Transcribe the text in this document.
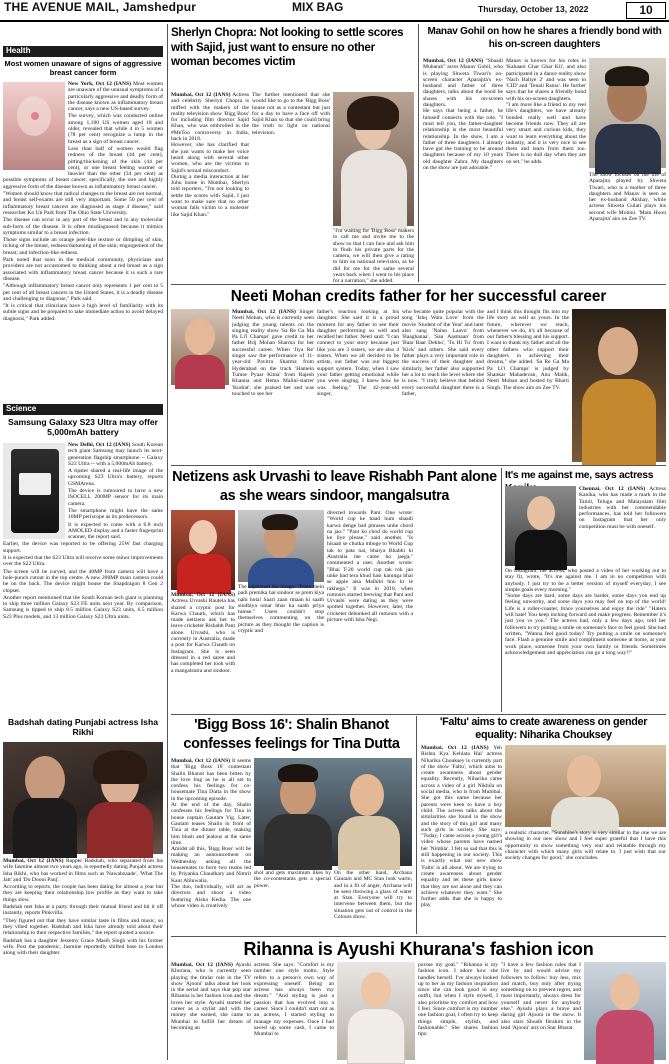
THE AVENUE MAIL, Jamshedpur	MIX BAG	Thursday, October 13, 2022	10
Health
Most women unaware of signs of aggressive breast cancer form

New York, Oct 12 (IANS) Most women are unaware of the unusual symptoms of a particularly aggressive and deadly form of the disease known as inflammatory breast cancer, says a new US-based survey.

The survey, which was conducted online among 1,100 US women aged 18 and older, revealed that while 4 in 5 women (78 per cent) recognize a lump in the breast as a sign of breast cancer.

Less than half of women would flag redness of the breast (44 per cent), pitting/thickening of the skin (44 per cent), or one breast feeling warmer or heavier than the other (34 per cent) as possible symptoms of breast cancer, specifically, the rare and highly aggressive form of the disease known as inflammatory breast cancer.

"Women should know that radical changes to the breast are not normal, and breast self-exams are still very important. Some 50 per cent of inflammatory breast cancers are diagnosed as stage 4 disease," said researcher Ko Un Park from The Ohio State University.

The disease can occur in any part of the breast and in any molecular sub-form of the disease. It is often misdiagnosed because it mimics symptoms similar to a breast infection.

Those signs include an orange peel-like texture or dimpling of skin, itching of the breast, redness/darkening of the skin; engorgement of the breast; and infection-like redness.

Park noted that soon in the medical community, physicians and providers are not accustomed to thinking about a red breast as a sign associated with inflammatory breast cancer because it is such a rare disease.

"Although inflammatory breast cancer only represents 1 per cent to 5 per cent of all breast cancers in the United States, it is a deadly disease and challenging to diagnose," Park said.

"It is critical that clinicians have a high level of familiarity with its subtle signs and be prepared to take immediate action to avoid delayed diagnosis," Park added.

Science
Samsung Galaxy S23 Ultra may offer 5,000mAh battery

New Delhi, Oct 12 (IANS) South Korean tech giant Samsung may launch its next-generation flagship smartphone -- Galaxy S23 Ultra -- with a 5,000mAh battery.

A tipster shared a real-life image of the upcoming S23 Ultra's battery, reports GSMArena.

The device is rumoured to have a new ISOCELL 200MP sensor for its main camera.

The smartphone might have the same 10MP periscope as its predecessors.

It is expected to come with a 6.8 inch AMOLED display and a faster fingerprint scanner, the report said.

Earlier, the device was reported to be offering 25W fast charging support.

It is expected that the S23 Ultra will receive some minor improvements over the S22 Ultra.

The screen will be curved, and the 40MP front camera will have a hole-punch cutout in the top centre. A new 200MP main camera could be on the back. The device might house the Snapdragon 8 Gen 2 chipset.

Another report mentioned that the South Korean tech giant is planning to ship three million Galaxy S23 FE units next year. By comparison, Samsung is tipped to ship 8.5 million Galaxy S23 units, 6.5 million S23 Plus models, and 13 million Galaxy S23 Ultra units.

Badshah dating Punjabi actress Isha Rikhi

Mumbai, Oct 12 (IANS) Rapper Badshah, who separated from his wife Jasmine almost two years ago, is reportedly dating Punjabi actress Isha Rikhi, who has worked in films such as 'Nawabzaade', 'What The Jatt' and 'Do Dooni Panj'.

According to reports, the couple has been dating for almost a year but they are keeping their relationship low profile as they want to take things slow.

Badshah met Isha at a party through their mutual friend and hit it off instantly, reports Pinkvilla.

"They figured out that they have similar taste in films and music, so they vibed together. Badshah and Isha have already told about their relationship to their respective families," the report quoted a source.

Badshah has a daughter Jessemy Grace Masih Singh with his former wife. Post the pandemic, Jasmine reportedly shifted base to London along with their daughter.

Sherlyn Chopra: Not looking to settle scores with Sajid, just want to ensure no other woman becomes victim

Mumbai, Oct 12 (IANS) Actress and celebrity Sherlyn Chopra is miffed with the makers of the reality television show 'Bigg Boss' for including film director Sajid Khan, who was embroiled in the #MeToo controversy in India, back in 2018.

However, she has clarified that she just wants to make her voice heard along with several other women, who are the victims to Sajid's sexual misconduct.

During a media interaction at her Juhu home in Mumbai, Sherlyn told reporters, "I'm not looking to settle the scores with Sajid, I just want to make sure that no other woman falls victim to a molester like Sajid Khan."

The further mentioned that she would like to go to the 'Bigg Boss' house not as a contestant but just for a day to have a face off with Sajid Khan so that she could bring the truth to light on national television.

"I'm waiting for 'Bigg Boss' makers to call me and invite me to the show so that I can face and ask him to flush his private parts for the camera, we will then give a rating to him on national television, as he did for me for the same several years back when I went to his place for a narration," she added.

Manav Gohil on how he shares a friendly bond with his on-screen daughters

Mumbai, Oct 12 (IANS) "Shaadi Mubarak" actor Manav Gohil, who is playing Shweta Tiwari's on-screen character Aparajita's ex-husband and father of three daughters, talks about the bond he shares with his on-screen daughters.

He says that being a father, he himself connects with the role. "I must tell you, the father-daughter relationship is the most beautiful relationship. In the show, I am a father of three daughters. I already have got the training to be around daughters because of my 10 years old daughter Zahra. My daughters on the show are just adorable."

Manav is known for his roles in 'Kahaani Ghar Ghar Kii', and also participated in a dance reality show 'Nach Baliye 2' and was seen in 'CID' and 'Tenali Rama'. He further says that he shares a friendly bond with his on-screen daughters.

"I am more like a friend to my reel life's daughters, we have already bonded really well and have become friends now. They all are very smart and curious kids, they want to learn everything about the industry, and it is very nice to see them and learn from them too. There is no dull day when they are on set," he adds.

The show focuses on the life of Aparajita played by Shweta Tiwari, who is a mother of three daughters and Manav is seen as her ex-husband Akshay, while actress Shweta Gulati plays his second wife Mohini. 'Main Hoon Aparajita' airs on Zee TV.

Neeti Mohan credits father for her successful career

Mumbai, Oct 12 (IANS) Singer Neeti Mohan, who is currently seen judging the young talents on the singing reality show 'Sa Re Ga Ma Pa Li'l Champs' gave credit to her father Brij Mohan Sharma for her successful career. When 'Jiya Re' singer saw the performance of 11-year-old Pavitra Sharma from Hyderabad on the track 'Hamein Tumse Pyaar Kitna' from Rajesh Khanna and Hema Malini-starrer 'Kudrat', she praised her and was touched to see her

father's reaction looking at his daughter. She said it is a proud moment for any father to see their daughter performing so well and recalled her father. Neeti said: "I can connect to your story because just like you are 3 sisters, we are also 4 sisters. When we all decided to be artists, our father was our biggest support system. Today, when I saw your father getting emotional while you were singing, I knew how he was feeling." The 42-year-old singer,

who became quite popular with the song 'Ishq Wala Love' from the movie 'Student of the Year' and later also sang 'Nainn Laavo' from 'Baaghanaa', 'Sau Aasmaan' from 'Baar Baar Dekho', 'Tu Hi Tu' from 'Kick' and others. She said every father plays a very important role in the success of their daughter and similarly, her father also supported her a lot to reach the level where she is now. "I truly believe that behind every successful daughter there is a father,

and I think this thought fits into my life story as well as yours. In the future, wherever we reach, whenever we do, it's all because of our father's blessing and his support. I want to thank my father and all the other fathers who support their daughters in achieving their dreams," she added. 'Sa Re Ga Ma Pa Li'l Champs' is judged by Shankar Mahadevan, Anu Malik, Neeti Mohan and hosted by Bharti Singh. The show airs on Zee TV.

Netizens ask Urvashi to leave Rishabh Pant alone as she wears sindoor, mangalsutra

Mumbai, Oct 12 (IANS) Actress Urvashi Rautela has shared a cryptic post for Karwa Chauth, which has made netizens ask her to leave cricketer Rishabh Pant alone. Urvashi, who is currently in Australia, made a post for Karwa Chauth on Instagram. She is seen dressed in a red saree and has completed her look with a mangalsutra and sindoor.

The captioned the image: "Prem mein padi premika hai sindoor se prem kiya nahi hota! Saari zaan rmaan ki saath sindhiya omar bhar ka saath priya tumse." Users couldn't stop themselves commenting on the picture as they thought the caption is cryptic and

directed towards Pant. One wrote: "World cup ke baad hum shaadi karwa denge bad phrases unhe chord na jao." "Pant ko chod do world cup ke liye please," said another. "Is hisaab se chutka mboge to World Cup tak to pata nai, bhaiya Bhabhi ki Australia me came ho jaega," commented a user. Another wrote: "Bhai T-20 world cup tak rok jao unke bad tera khud hasi karunga bhai se apple aisa Malhibi bnu kr le rakhega." It was in 2018, when rumours started brewing that Pant and Urvashi were dating as they were spotted together. However, later, the cricketer debunked all rumours with a picture with Isha Negi.

It's me against me, says actress

Chennai, Oct 12 (IANS) Actress Kanika, who has made a mark in the Tamil, Telugu and Malayalam film industries with her commendable performances, has told her followers on Instagram that her only competition must be with oneself.

On Instagram, the actress, who posted a video of her working out to stay fit, wrote, "It's me against me. I am in no competition with anybody. I just try to be a better version of myself everyday, I see simple goals every morning."

"Some days are hard, some days are harder, some days you end up feeling unworthy, and some days you may feel on top of the world! Life is a roller-coaster, brace yourselves and enjoy the ride" "Haters will hate! You keep inching forward and make progress. Remember it's just you vs you." The actress had, only a few days ago, told her followers to try putting a smile on someone's face to feel good. She had written, "Wanna feel good today? Try putting a smile on someone's face. Flash a genuine smile and compliment someone at home, at your work place, someone from your own family or friends. Sometimes acknowledgement and appreciation can go a long way!!"

'Bigg Boss 16': Shalin Bhanot confesses feelings for Tina Dutta

Mumbai, Oct 12 (IANS) It seems that 'Bigg Boss 16' contestant Shalin Bhanot has been bitten by the love bug as he is all set to confess his feelings for co-housemate Tina Dutta in the show in the upcoming episode.

At the end of the day, Shalin confesses his feelings for Tina in house captain Gautam Vig. Later, Gautam teases Shalin in front of Tina at the dinner table, making him blush and jealous at the same time.

Amidst all this, 'Bigg Boss' will be making an announcement on Wednesday asking all the housemates to form two teams led by Priyanka Chaudhary and Nimrit Kaur Ahluwalia.

The duo, individually, will act as directors and shoot a video featuring Aisha Kedia. The one whose video is creatively

shot and gets maximum likes by the co-contestants gets a special power.

On the other hand, Archana Gautam and MC Stan look warm, and in a fit of anger, Archana will be seen throwing a glass of water at Stan. Everyone will try to intervene between them, but the situation gets out of control in the Colours show.

'Faltu' aims to create awareness on gender equality: Niharika Chouksey

Mumbai, Oct 12 (IANS) Yeh Rishta Kya Kehlata Hai' actress Niharika Chouksey is currently part of the show 'Faltu', which aims to create awareness about gender equality. Recently, Niharika came across a video of a girl Nikhila on social media, who is from Mumbai. She got this name because her parents were keen to have a boy child. The actress talks about the similarities she found in the show and the story of this girl and many such girls in society. She says: "Today, I came across a young girl's video whose parents have named her 'Nimbla'. I felt so sad that this is still happening in our society. This is exactly what our new show 'Faltu' is all about. We are trying to create awareness about gender equality and let these girls know that they are not alone and they can achieve whatever they want." She further adds that she is happy to play

a realistic character. "Sunshine's story is very similar to the one we are showing in our new show and I feel super grateful that I have this opportunity to show something very real and relatable through my character with which many girls will relate to. I just wish that our society changes for good," she concludes.

Rihanna is Ayushi Khurana's fashion icon

Mumbai, Oct 12 (IANS) Ayushi Khurana, who is currently seen playing the titular role in the TV show 'Ajooni' talks about her look in the serial and says that pop star Rihanna is her fashion icon and she loves her style. Ayushi started her career as a stylist and with the money she earned, she came to Mumbai to fulfill her dream of becoming an

actress. She says: "Comfort is my number one style motto. Style refers to a person's own way of expressing oneself. Being an actress has always been my dream." "And styling is just a passion that has evolved into a career. Since I couldn't start out as an actress, I started styling to manage my expenses. Once I had saved up some cash, I came to Mumbai to

pursue my goal." "Rihanna is my fashion icon. I adore how she handles herself. I've always looked up to her as my fashion inspiration since she can look good in any outfit, but when I style myself, I also prioritise my comfort and how I feel. Since comfort is my number one fashion goal, I often try to keep things simple, stylish, and fashionable." She shares fashion tips:

"I have a few fashion rules that I live by and would advise my followers to follow: buy less, mix and match, buy only after trying something on to prevent regret, and most importantly, always dress for yourself and never for anybody else." Ayushi plays a brave and daring girl Ajooni in the show. It also stars Shoaib Ibrahim in the lead 'Ajooni' airs on Star Bharat.
